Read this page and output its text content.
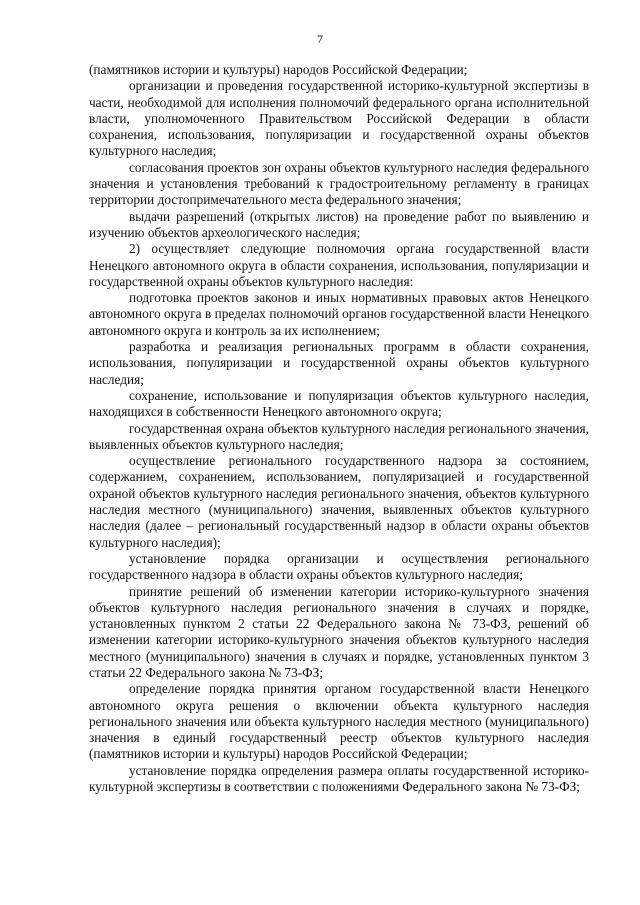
7

(памятников истории и культуры) народов Российской Федерации;

организации и проведения государственной историко-культурной экспертизы в части, необходимой для исполнения полномочий федерального органа исполнительной власти, уполномоченного Правительством Российской Федерации в области сохранения, использования, популяризации и государственной охраны объектов культурного наследия;

согласования проектов зон охраны объектов культурного наследия федерального значения и установления требований к градостроительному регламенту в границах территории достопримечательного места федерального значения;

выдачи разрешений (открытых листов) на проведение работ по выявлению и изучению объектов археологического наследия;

2) осуществляет следующие полномочия органа государственной власти Ненецкого автономного округа в области сохранения, использования, популяризации и государственной охраны объектов культурного наследия:

подготовка проектов законов и иных нормативных правовых актов Ненецкого автономного округа в пределах полномочий органов государственной власти Ненецкого автономного округа и контроль за их исполнением;

разработка и реализация региональных программ в области сохранения, использования, популяризации и государственной охраны объектов культурного наследия;

сохранение, использование и популяризация объектов культурного наследия, находящихся в собственности Ненецкого автономного округа;

государственная охрана объектов культурного наследия регионального значения, выявленных объектов культурного наследия;

осуществление регионального государственного надзора за состоянием, содержанием, сохранением, использованием, популяризацией и государственной охраной объектов культурного наследия регионального значения, объектов культурного наследия местного (муниципального) значения, выявленных объектов культурного наследия (далее – региональный государственный надзор в области охраны объектов культурного наследия);

установление порядка организации и осуществления регионального государственного надзора в области охраны объектов культурного наследия;

принятие решений об изменении категории историко-культурного значения объектов культурного наследия регионального значения в случаях и порядке, установленных пунктом 2 статьи 22 Федерального закона № 73-ФЗ, решений об изменении категории историко-культурного значения объектов культурного наследия местного (муниципального) значения в случаях и порядке, установленных пунктом 3 статьи 22 Федерального закона № 73-ФЗ;

определение порядка принятия органом государственной власти Ненецкого автономного округа решения о включении объекта культурного наследия регионального значения или объекта культурного наследия местного (муниципального) значения в единый государственный реестр объектов культурного наследия (памятников истории и культуры) народов Российской Федерации;

установление порядка определения размера оплаты государственной историко-культурной экспертизы в соответствии с положениями Федерального закона № 73-ФЗ;
